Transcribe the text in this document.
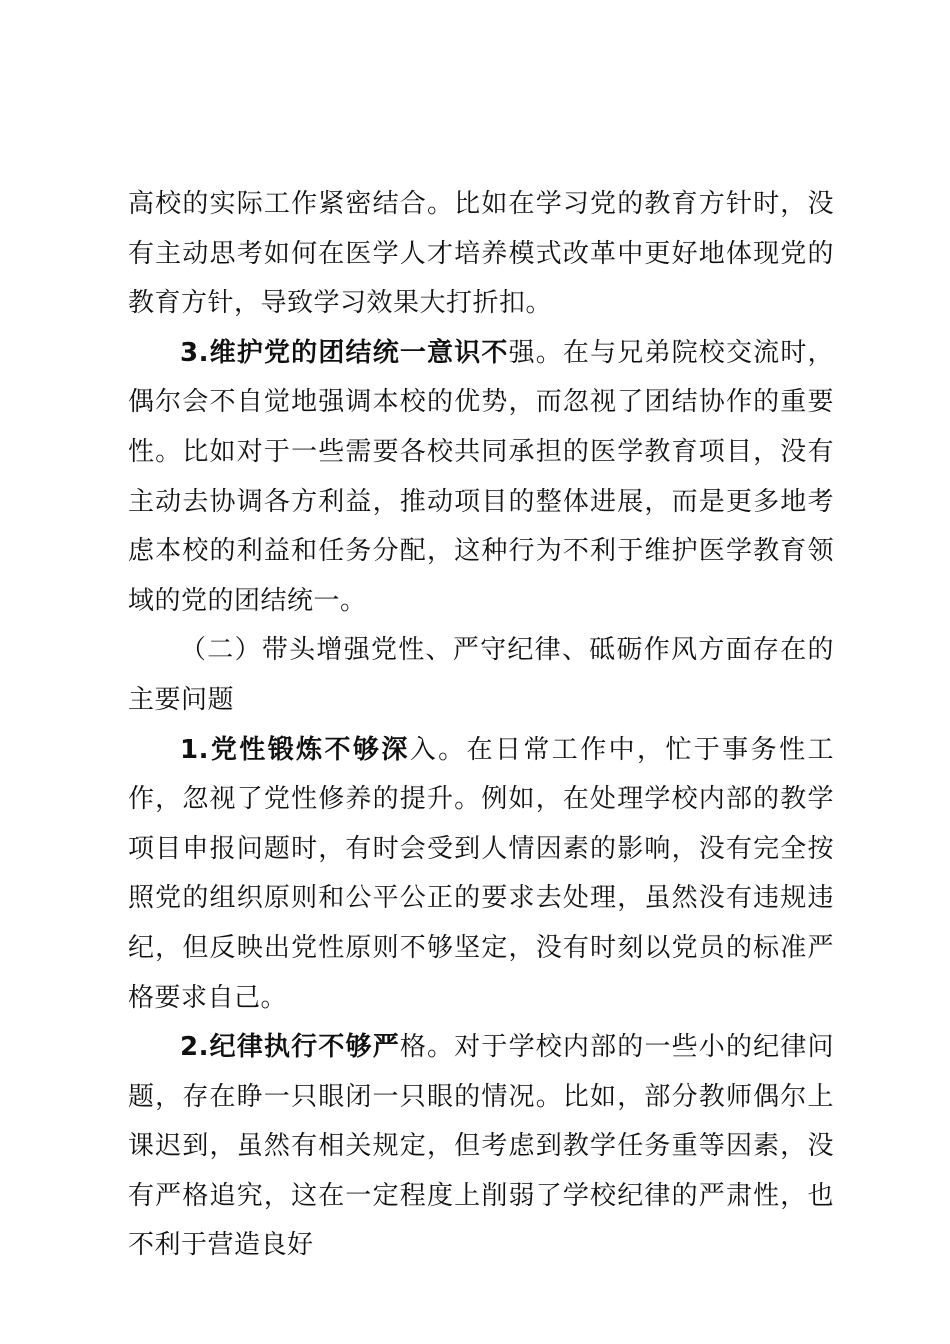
高校的实际工作紧密结合。比如在学习党的教育方针时，没有主动思考如何在医学人才培养模式改革中更好地体现党的教育方针，导致学习效果大打折扣。

3.维护党的团结统一意识不强。在与兄弟院校交流时，偶尔会不自觉地强调本校的优势，而忽视了团结协作的重要性。比如对于一些需要各校共同承担的医学教育项目，没有主动去协调各方利益，推动项目的整体进展，而是更多地考虑本校的利益和任务分配，这种行为不利于维护医学教育领域的党的团结统一。

（二）带头增强党性、严守纪律、砥砺作风方面存在的主要问题

1.党性锻炼不够深入。在日常工作中，忙于事务性工作，忽视了党性修养的提升。例如，在处理学校内部的教学项目申报问题时，有时会受到人情因素的影响，没有完全按照党的组织原则和公平公正的要求去处理，虽然没有违规违纪，但反映出党性原则不够坚定，没有时刻以党员的标准严格要求自己。

2.纪律执行不够严格。对于学校内部的一些小的纪律问题，存在睁一只眼闭一只眼的情况。比如，部分教师偶尔上课迟到，虽然有相关规定，但考虑到教学任务重等因素，没有严格追究，这在一定程度上削弱了学校纪律的严肃性，也不利于营造良好
